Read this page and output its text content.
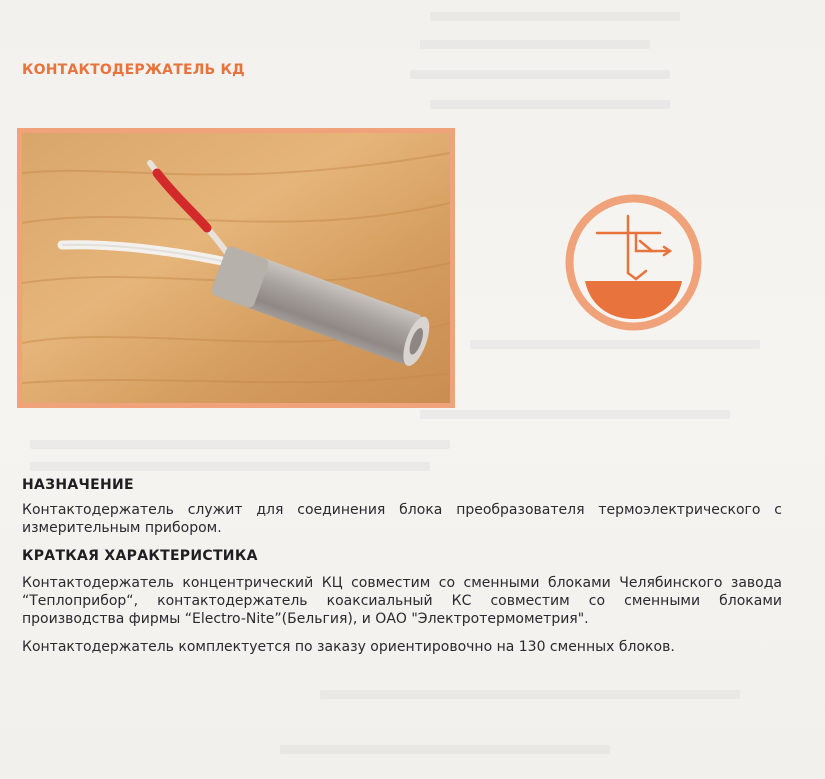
КОНТАКТОДЕРЖАТЕЛЬ КД
НАЗНАЧЕНИЕ

Контактодержатель служит для соединения блока преобразователя термоэлектрического с измерительным прибором.

КРАТКАЯ ХАРАКТЕРИСТИКА

Контактодержатель концентрический КЦ совместим со сменными блоками Челябинского завода “Теплоприбор“, контактодержатель коаксиальный КС совместим со сменными блоками производства фирмы “Electro-Nite”(Бельгия), и ОАО "Электротермометрия".

Контактодержатель комплектуется по заказу ориентировочно на 130 сменных блоков.
